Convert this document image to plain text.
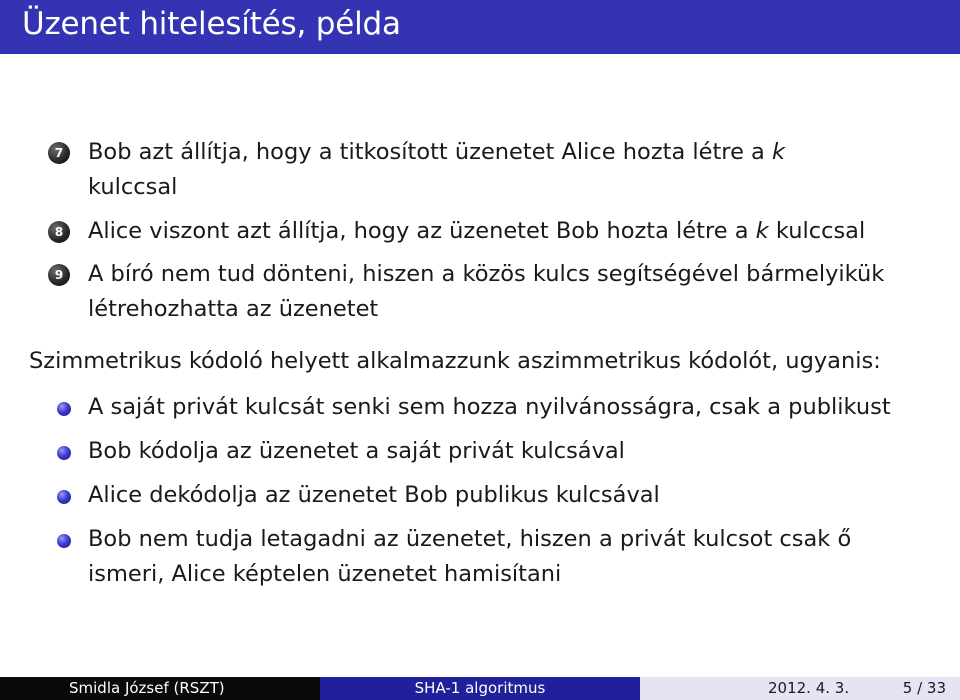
Üzenet hitelesítés, példa
7	Bob azt állítja, hogy a titkosított üzenetet Alice hozta létre a k
kulccsal
8	Alice viszont azt állítja, hogy az üzenetet Bob hozta létre a k kulccsal
9	A bíró nem tud dönteni, hiszen a közös kulcs segítségével bármelyikük
létrehozhatta az üzenetet
Szimmetrikus kódoló helyett alkalmazzunk aszimmetrikus kódolót, ugyanis:
A saját privát kulcsát senki sem hozza nyilvánosságra, csak a publikust
Bob kódolja az üzenetet a saját privát kulcsával
Alice dekódolja az üzenetet Bob publikus kulcsával
Bob nem tudja letagadni az üzenetet, hiszen a privát kulcsot csak ő
ismeri, Alice képtelen üzenetet hamisítani
Smidla József (RSZT)	SHA-1 algoritmus	2012. 4. 3.	5 / 33
